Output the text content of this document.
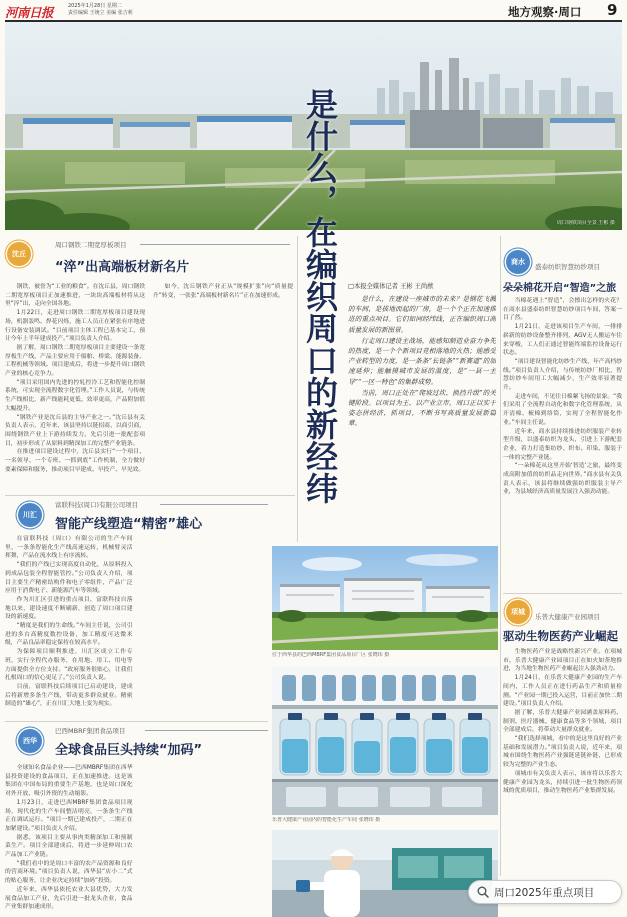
河南日报	2025年1月28日 星期二
责任编辑 王统立 美编 张吉莉	地方观察·周口 9
周口钢铁项目全景 王彬 摄
是什么，在编织周口的新经纬
沈丘
周口钢铁二期宽厚板项目
“淬”出高端板材新名片

钢铁，被誉为“工业的粮食”。在沈丘县，周口钢铁二期宽厚板项目正加速推进，一块块高端板材将从这里“淬”出，走向全国各地。

1月22日，走进周口钢铁二期宽厚板项目建设现场，机器轰鸣、焊花闪烁，施工人员正在紧张有序地进行设备安装调试。“目前项目主体工程已基本完工，预计今年上半年建成投产。”项目负责人介绍。

据了解，周口钢铁二期宽厚板项目主要建设一条宽厚板生产线，产品主要应用于船舶、桥梁、能源装备、工程机械等领域。项目建成后，将进一步提升周口钢铁产业的核心竞争力。

“项目采用国内先进的控轧控冷工艺和智能化控制系统，可实现全流程数字化管理。”工作人员说，与传统生产线相比，新产线能耗更低、效率更高，产品附加值大幅提升。

“钢铁产业是沈丘县的主导产业之一。”沈丘县有关负责人表示，近年来，该县坚持以链招商、以商引商，围绕钢铁产业上下游持续发力，先后引进一批配套项目，初步形成了从原料到精深加工的完整产业链条。

在推进项目建设过程中，沈丘县实行“一个项目、一名领导、一个专班、一抓到底”工作机制，全力做好要素保障和服务，推动项目早建成、早投产、早见效。

如今，沈丘钢铁产业正从“规模扩张”向“质量提升”转变，一张张“高端板材新名片”正在加速形成。

□本报全媒体记者 王彬 王尚猷

是什么，在建设一座城市的未来？是钢花飞溅的车间，是拔地而起的厂房，是一个个正在加速推进的重点项目。它们如同经纬线，正在编织周口高质量发展的新图景。

行走周口建设主战场，能感知制造业奋力争先的热度，是一个个新项目竞相落地的火热；能感受产业转型的力度，是一条条“长链条”“新赛道”的加速延伸；能触摸城市发展的温度，是“一县一主导”“一区一特色”的集群成势。

当前，周口正处在“爬坡过坎、换挡升级”的关键阶段。以项目为王、以产业立市，周口正以实干姿态拼经济、抓项目，不断书写高质量发展新篇章。

川汇
富联科技(周口)有限公司项目
智能产线塑造“精密”雄心

在富联科技（周口）有限公司的生产车间里，一条条智能化生产线高速运转，机械臂灵活挥舞，产品在流水线上有序流转。

“我们的产线已实现高度自动化，从原料投入到成品包装全程智能管控。”公司负责人介绍，项目主要生产精密结构件和电子零组件，产品广泛应用于消费电子、新能源汽车等领域。

作为川汇区引进的重点项目，富联科技自落地以来，建设速度不断刷新，创造了周口项目建设的新速度。

“精度是我们的生命线。”车间主任说，公司引进的多台高精度数控设备，加工精度可达微米级，产品良品率稳定保持在较高水平。

为保障项目顺利推进，川汇区成立工作专班，实行全程代办服务，在用地、用工、用电等方面提供全方位支持。“政府服务很贴心，让我们扎根周口的信心更足了。”公司负责人说。

目前，富联科技后续项目已启动建设，建成后将新增多条生产线，带动更多群众就业。精密制造的“雄心”，正在川汇大地上变为现实。

西华
巴西MBRF集团食品项目
全球食品巨头持续“加码”

全球知名食品企业——巴西MBRF集团在西华县投资建设的食品项目，正在加速推进。这是该集团在中国布局的重要生产基地，也是周口深化对外开放、吸引外资的生动缩影。

1月23日，走进巴西MBRF集团食品项目现场，现代化的生产车间整洁明亮，一条条生产线正在调试运行。“项目一期已建成投产，二期正在加紧建设。”项目负责人介绍。

据悉，该项目主要从事肉类精深加工和预制菜生产。项目全部建成后，将进一步延伸周口农产品加工产业链。

“我们看中的是周口丰富的农产品资源和良好的营商环境。”项目负责人说，西华县“店小二”式的贴心服务，让企业决定持续“加码”投资。

近年来，西华县依托农业大县优势，大力发展食品加工产业，先后引进一批龙头企业，食品产业集群加速成形。

位于西华县的巴西MBRF集团食品项目厂区 张晓玮 摄
乐普大健康产业园内的智能化生产车间 张晓玮 摄
商水
盛泰纺织智慧纺纱项目
朵朵棉花开启“智造”之旅

当棉花遇上“智造”，会擦出怎样的火花？在商水县盛泰纺织智慧纺纱项目车间，答案一目了然。

1月21日，走进该项目生产车间，一排排崭新的纺纱设备整齐排列，AGV无人搬运车往来穿梭，工人们正通过智能终端监控设备运行状态。

“项目建设智能化纺纱生产线，年产高档纱线。”项目负责人介绍，与传统纺纱厂相比，智慧纺纱车间用工大幅减少，生产效率显著提升。

走进车间，不见往日棉絮飞扬的景象。“我们采用了全流程自动化和数字化管理系统，从开清棉、梳棉到络筒，实现了全程智能化作业。”车间主任说。

近年来，商水县持续推进纺织服装产业转型升级，以盛泰纺织为龙头，引进上下游配套企业，着力打造集纺纱、织布、印染、服装于一体的完整产业链。

“一朵棉花从这里开始‘智造’之旅，最终变成高附加值的纺织品走向世界。”商水县有关负责人表示，该县将继续做强纺织服装主导产业，为县域经济高质量发展注入强劲动能。

项城
乐普大健康产业园项目
驱动生物医药产业崛起

生物医药产业是战略性新兴产业。在项城市，乐普大健康产业园项目正在如火如荼地推进，为当地生物医药产业崛起注入强劲动力。

1月24日，在乐普大健康产业园的生产车间内，工作人员正在进行药品生产和质量检测。“产业园一期已投入运营，目前正加快二期建设。”项目负责人介绍。

据了解，乐普大健康产业园涵盖原料药、制剂、医疗器械、健康食品等多个领域，项目全部建成后，将带动大量群众就业。

“我们选择项城，看中的是这里良好的产业基础和发展潜力。”项目负责人说，近年来，项城市围绕生物医药产业强链延链补链，已形成较为完整的产业生态。

项城市有关负责人表示，该市将以乐普大健康产业园为龙头，持续引进一批生物医药领域的优质项目，推动生物医药产业集群发展。

周口2025年重点项目
